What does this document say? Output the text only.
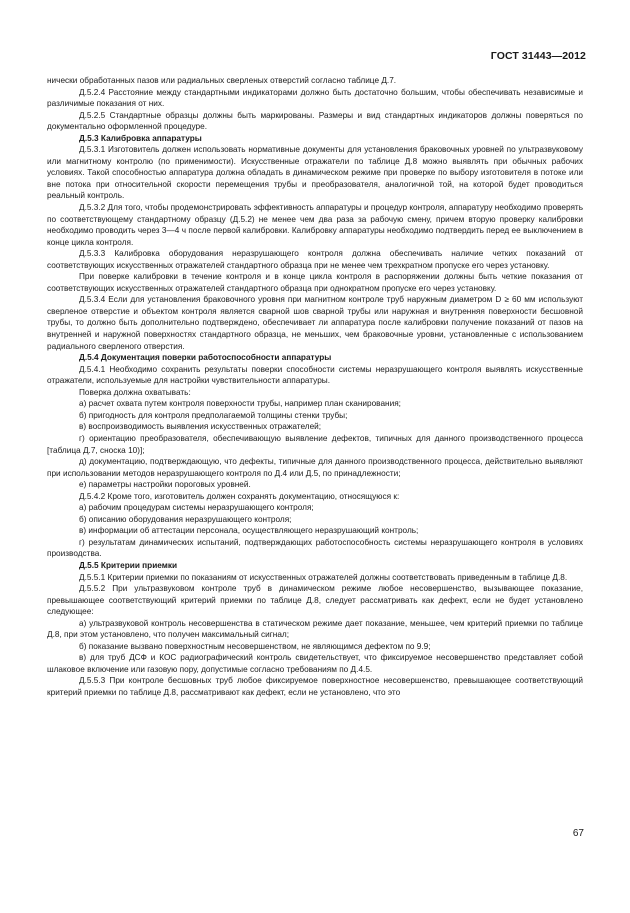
ГОСТ 31443—2012

нически обработанных пазов или радиальных сверленых отверстий согласно таблице Д.7.

Д.5.2.4 Расстояние между стандартными индикаторами должно быть достаточно большим, чтобы обеспечивать независимые и различимые показания от них.

Д.5.2.5 Стандартные образцы должны быть маркированы. Размеры и вид стандартных индикаторов должны поверяться по документально оформленной процедуре.

Д.5.3 Калибровка аппаратуры

Д.5.3.1 Изготовитель должен использовать нормативные документы для установления браковочных уровней по ультразвуковому или магнитному контролю (по применимости). Искусственные отражатели по таблице Д.8 можно выявлять при обычных рабочих условиях. Такой способностью аппаратура должна обладать в динамическом режиме при проверке по выбору изготовителя в потоке или вне потока при относительной скорости перемещения трубы и преобразователя, аналогичной той, на которой будет проводиться реальный контроль.

Д.5.3.2 Для того, чтобы продемонстрировать эффективность аппаратуры и процедур контроля, аппаратуру необходимо проверять по соответствующему стандартному образцу (Д.5.2) не менее чем два раза за рабочую смену, причем вторую проверку калибровки необходимо проводить через 3—4 ч после первой калибровки. Калибровку аппаратуры необходимо подтвердить перед ее выключением в конце цикла контроля.

Д.5.3.3 Калибровка оборудования неразрушающего контроля должна обеспечивать наличие четких показаний от соответствующих искусственных отражателей стандартного образца при не менее чем трехкратном пропуске его через установку.

При поверке калибровки в течение контроля и в конце цикла контроля в распоряжении должны быть четкие показания от соответствующих искусственных отражателей стандартного образца при однократном пропуске его через установку.

Д.5.3.4 Если для установления браковочного уровня при магнитном контроле труб наружным диаметром D ≥ 60 мм используют сверленое отверстие и объектом контроля является сварной шов сварной трубы или наружная и внутренняя поверхности бесшовной трубы, то должно быть дополнительно подтверждено, обеспечивает ли аппаратура после калибровки получение показаний от пазов на внутренней и наружной поверхностях стандартного образца, не меньших, чем браковочные уровни, установленные с использованием радиального сверленого отверстия.

Д.5.4 Документация поверки работоспособности аппаратуры

Д.5.4.1 Необходимо сохранить результаты поверки способности системы неразрушающего контроля выявлять искусственные отражатели, используемые для настройки чувствительности аппаратуры.

Поверка должна охватывать:

а) расчет охвата путем контроля поверхности трубы, например план сканирования;

б) пригодность для контроля предполагаемой толщины стенки трубы;

в) воспроизводимость выявления искусственных отражателей;

г) ориентацию преобразователя, обеспечивающую выявление дефектов, типичных для данного производственного процесса [таблица Д.7, сноска 10)];

д) документацию, подтверждающую, что дефекты, типичные для данного производственного процесса, действительно выявляют при использовании методов неразрушающего контроля по Д.4 или Д.5, по принадлежности;

е) параметры настройки пороговых уровней.

Д.5.4.2 Кроме того, изготовитель должен сохранять документацию, относящуюся к:

а) рабочим процедурам системы неразрушающего контроля;

б) описанию оборудования неразрушающего контроля;

в) информации об аттестации персонала, осуществляющего неразрушающий контроль;

г) результатам динамических испытаний, подтверждающих работоспособность системы неразрушающего контроля в условиях производства.

Д.5.5 Критерии приемки

Д.5.5.1 Критерии приемки по показаниям от искусственных отражателей должны соответствовать приведенным в таблице Д.8.

Д.5.5.2 При ультразвуковом контроле труб в динамическом режиме любое несовершенство, вызывающее показание, превышающее соответствующий критерий приемки по таблице Д.8, следует рассматривать как дефект, если не будет установлено следующее:

а) ультразвуковой контроль несовершенства в статическом режиме дает показание, меньшее, чем критерий приемки по таблице Д.8, при этом установлено, что получен максимальный сигнал;

б) показание вызвано поверхностным несовершенством, не являющимся дефектом по 9.9;

в) для труб ДСФ и КОС радиографический контроль свидетельствует, что фиксируемое несовершенство представляет собой шлаковое включение или газовую пору, допустимые согласно требованиям по Д.4.5.

Д.5.5.3 При контроле бесшовных труб любое фиксируемое поверхностное несовершенство, превышающее соответствующий критерий приемки по таблице Д.8, рассматривают как дефект, если не установлено, что это

67
